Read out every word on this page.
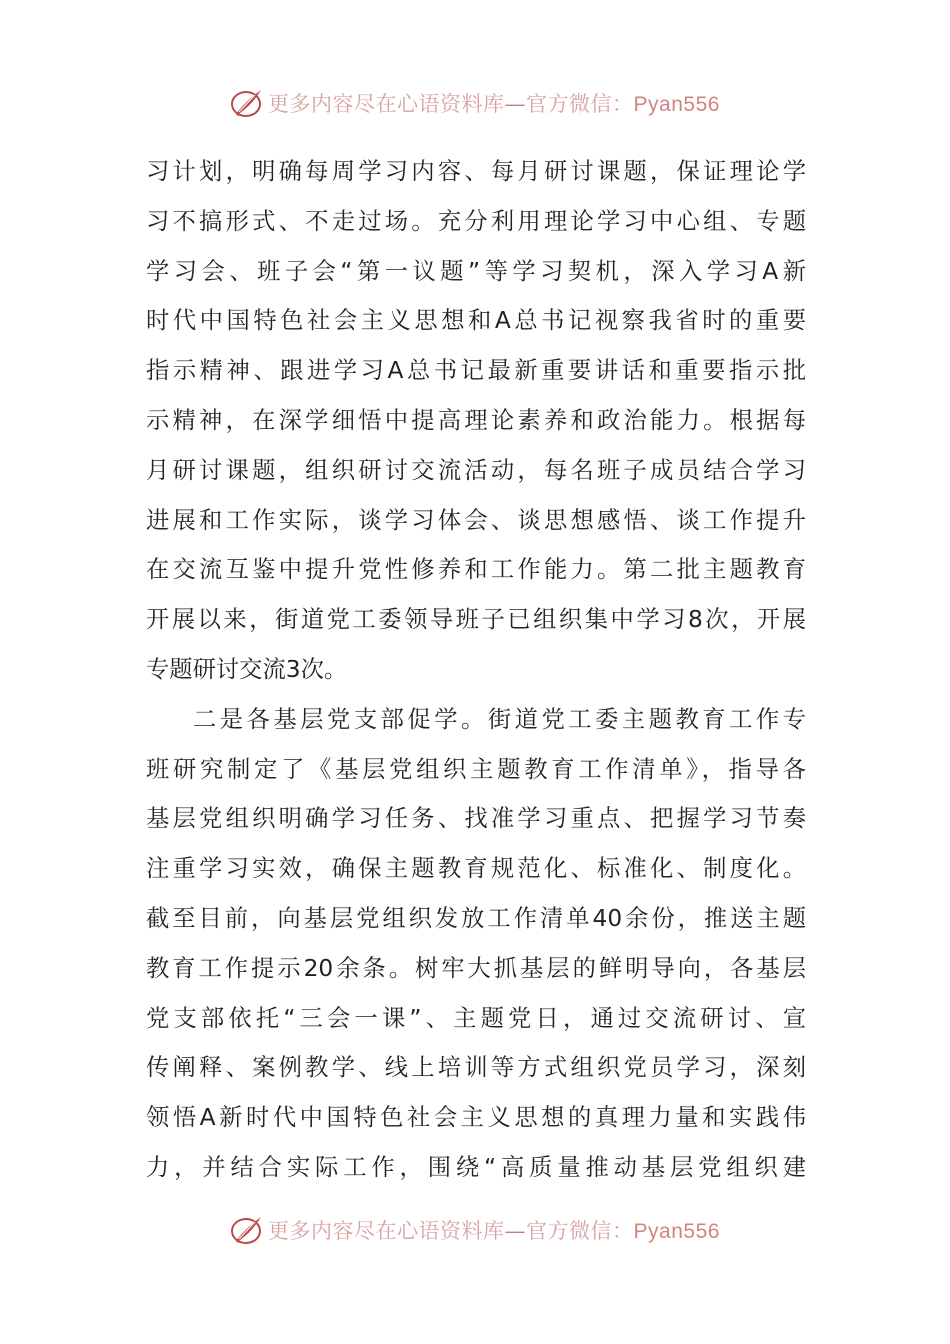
更多内容尽在心语资料库—官方微信：Pyan556
习计划，明确每周学习内容、每月研讨课题，保证理论学
习不搞形式、不走过场。充分利用理论学习中心组、专题
学习会、班子会“第一议题”等学习契机，深入学习A新
时代中国特色社会主义思想和A总书记视察我省时的重要
指示精神、跟进学习A总书记最新重要讲话和重要指示批
示精神，在深学细悟中提高理论素养和政治能力。根据每
月研讨课题，组织研讨交流活动，每名班子成员结合学习
进展和工作实际，谈学习体会、谈思想感悟、谈工作提升
在交流互鉴中提升党性修养和工作能力。第二批主题教育
开展以来，街道党工委领导班子已组织集中学习8次，开展
专题研讨交流3次。
二是各基层党支部促学。街道党工委主题教育工作专
班研究制定了《基层党组织主题教育工作清单》，指导各
基层党组织明确学习任务、找准学习重点、把握学习节奏
注重学习实效，确保主题教育规范化、标准化、制度化。
截至目前，向基层党组织发放工作清单40余份，推送主题
教育工作提示20余条。树牢大抓基层的鲜明导向，各基层
党支部依托“三会一课”、主题党日，通过交流研讨、宣
传阐释、案例教学、线上培训等方式组织党员学习，深刻
领悟A新时代中国特色社会主义思想的真理力量和实践伟
力，并结合实际工作，围绕“高质量推动基层党组织建
更多内容尽在心语资料库—官方微信：Pyan556
